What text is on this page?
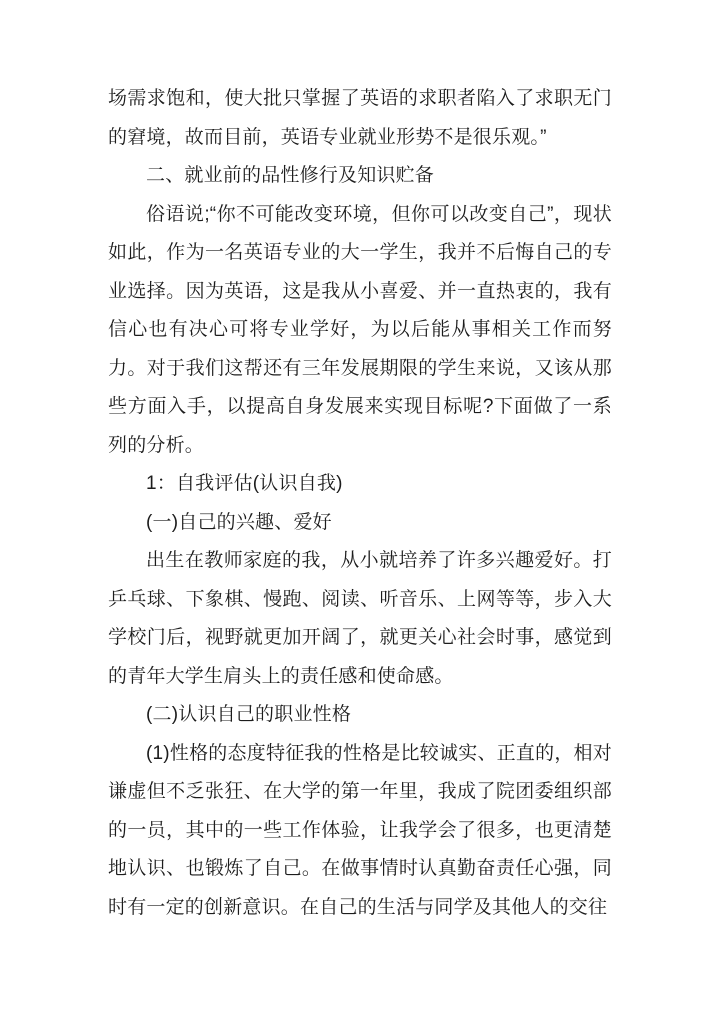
场需求饱和，使大批只掌握了英语的求职者陷入了求职无门的窘境，故而目前，英语专业就业形势不是很乐观。”

二、就业前的品性修行及知识贮备

俗语说;“你不可能改变环境，但你可以改变自己”，现状如此，作为一名英语专业的大一学生，我并不后悔自己的专业选择。因为英语，这是我从小喜爱、并一直热衷的，我有信心也有决心可将专业学好，为以后能从事相关工作而努力。对于我们这帮还有三年发展期限的学生来说，又该从那些方面入手，以提高自身发展来实现目标呢?下面做了一系列的分析。

1：自我评估(认识自我)

(一)自己的兴趣、爱好

出生在教师家庭的我，从小就培养了许多兴趣爱好。打乒乓球、下象棋、慢跑、阅读、听音乐、上网等等，步入大学校门后，视野就更加开阔了，就更关心社会时事，感觉到的青年大学生肩头上的责任感和使命感。

(二)认识自己的职业性格

(1)性格的态度特征我的性格是比较诚实、正直的，相对谦虚但不乏张狂、在大学的第一年里，我成了院团委组织部的一员，其中的一些工作体验，让我学会了很多，也更清楚地认识、也锻炼了自己。在做事情时认真勤奋责任心强，同时有一定的创新意识。在自己的生活与同学及其他人的交往
